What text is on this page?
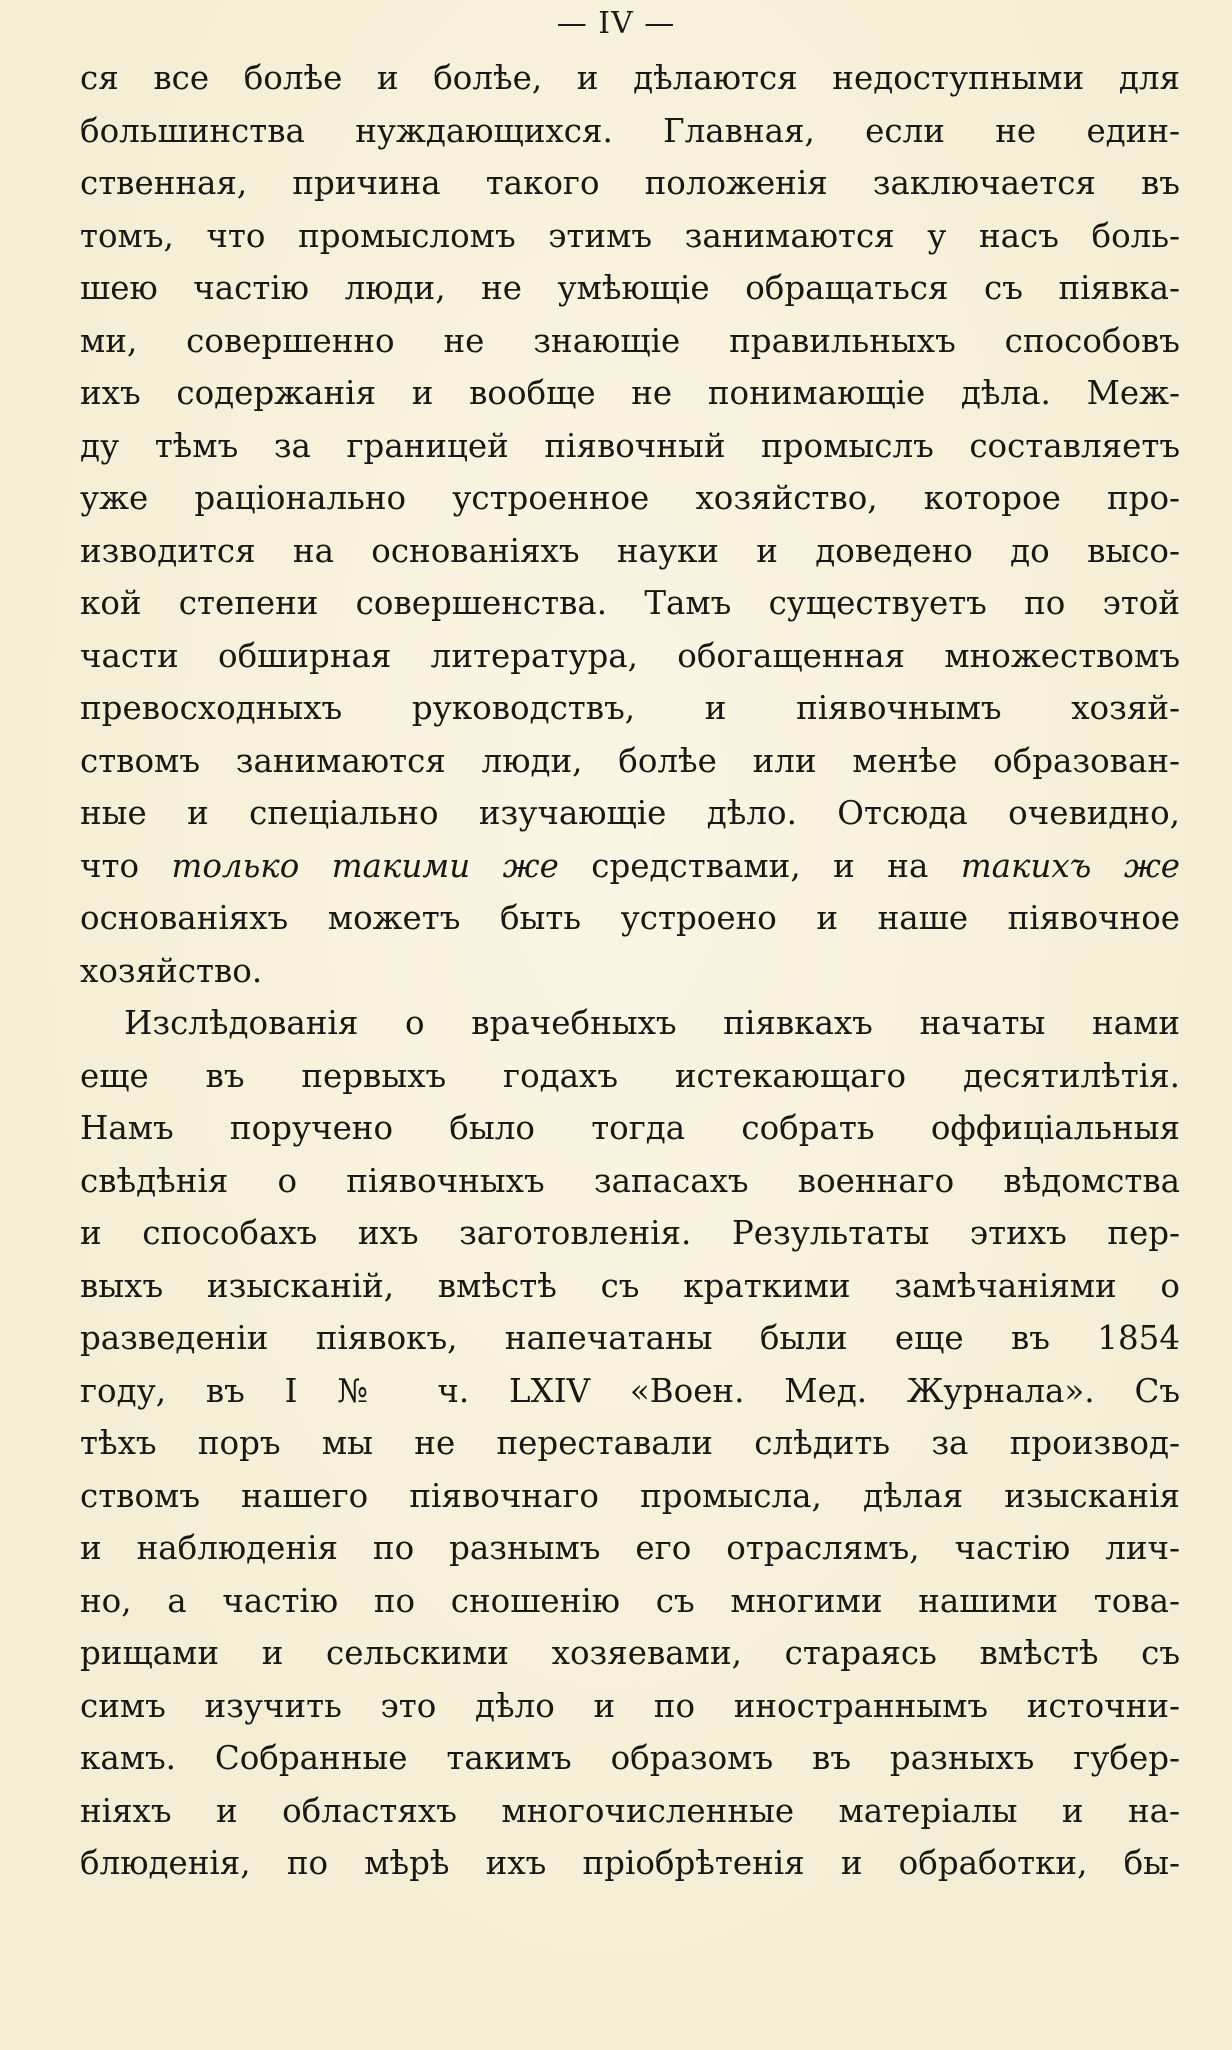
— IV —
ся все болѣе и болѣе, и дѣлаются недоступными для
большинства нуждающихся. Главная, если не един-
ственная, причина такого положенія заключается въ
томъ, что промысломъ этимъ занимаются у насъ боль-
шею частію люди, не умѣющіе обращаться съ піявка-
ми, совершенно не знающіе правильныхъ способовъ
ихъ содержанія и вообще не понимающіе дѣла. Меж-
ду тѣмъ за границей піявочный промыслъ составляетъ
уже раціонально устроенное хозяйство, которое про-
изводится на основаніяхъ науки и доведено до высо-
кой степени совершенства. Тамъ существуетъ по этой
части обширная литература, обогащенная множествомъ
превосходныхъ руководствъ, и піявочнымъ хозяй-
ствомъ занимаются люди, болѣе или менѣе образован-
ные и спеціально изучающіе дѣло. Отсюда очевидно,
что только такими же средствами, и на такихъ же
основаніяхъ можетъ быть устроено и наше піявочное
хозяйство.
Изслѣдованія о врачебныхъ піявкахъ начаты нами
еще въ первыхъ годахъ истекающаго десятилѣтія.
Намъ поручено было тогда собрать оффиціальныя
свѣдѣнія о піявочныхъ запасахъ военнаго вѣдомства
и способахъ ихъ заготовленія. Результаты этихъ пер-
выхъ изысканій, вмѣстѣ съ краткими замѣчаніями о
разведеніи піявокъ, напечатаны были еще въ 1854
году, въ I № ч. LXIV «Воен. Мед. Журнала». Съ
тѣхъ поръ мы не переставали слѣдить за производ-
ствомъ нашего піявочнаго промысла, дѣлая изысканія
и наблюденія по разнымъ его отраслямъ, частію лич-
но, а частію по сношенію съ многими нашими това-
рищами и сельскими хозяевами, стараясь вмѣстѣ съ
симъ изучить это дѣло и по иностраннымъ источни-
камъ. Собранные такимъ образомъ въ разныхъ губер-
ніяхъ и областяхъ многочисленные матеріалы и на-
блюденія, по мѣрѣ ихъ пріобрѣтенія и обработки, бы-
